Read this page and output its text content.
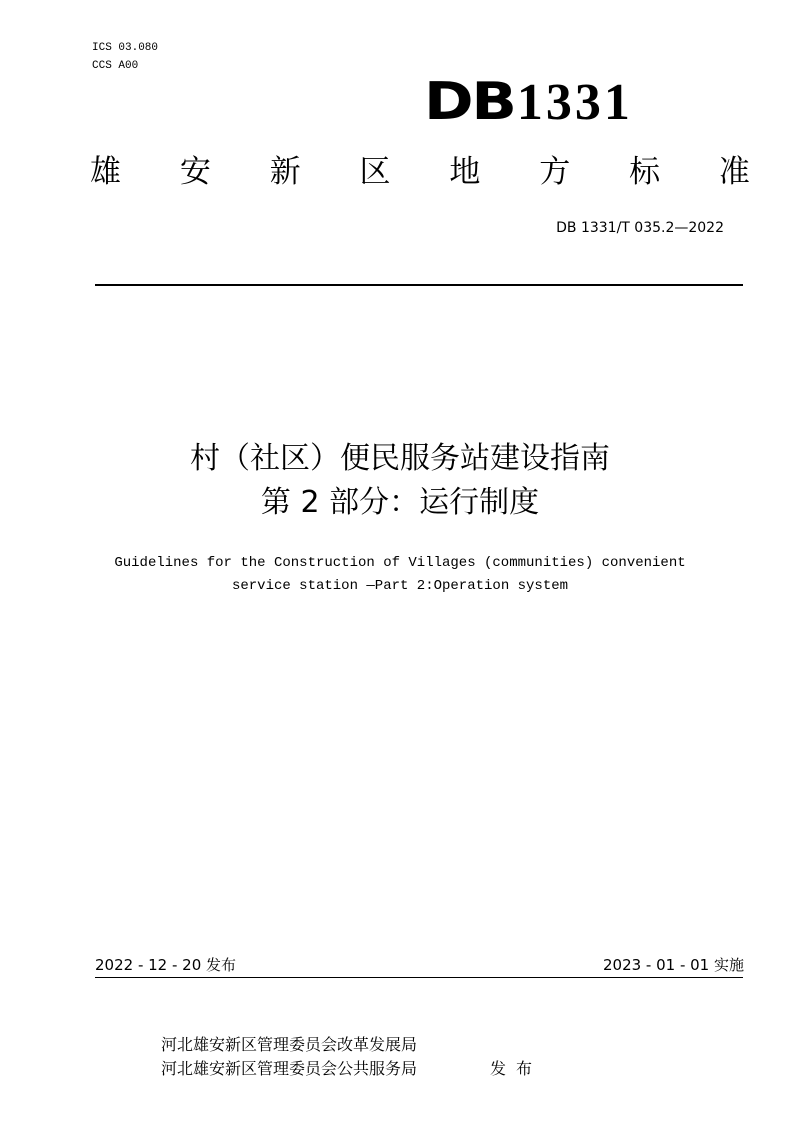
ICS 03.080
CCS A00
DB1331
雄 安 新 区 地 方 标 准
DB 1331/T 035.2—2022
村（社区）便民服务站建设指南
第 2 部分：运行制度
Guidelines for the Construction of Villages (communities) convenient
service station —Part 2:Operation system
2022 - 12 - 20 发布	2023 - 01 - 01 实施
河北雄安新区管理委员会改革发展局
河北雄安新区管理委员会公共服务局	发布
